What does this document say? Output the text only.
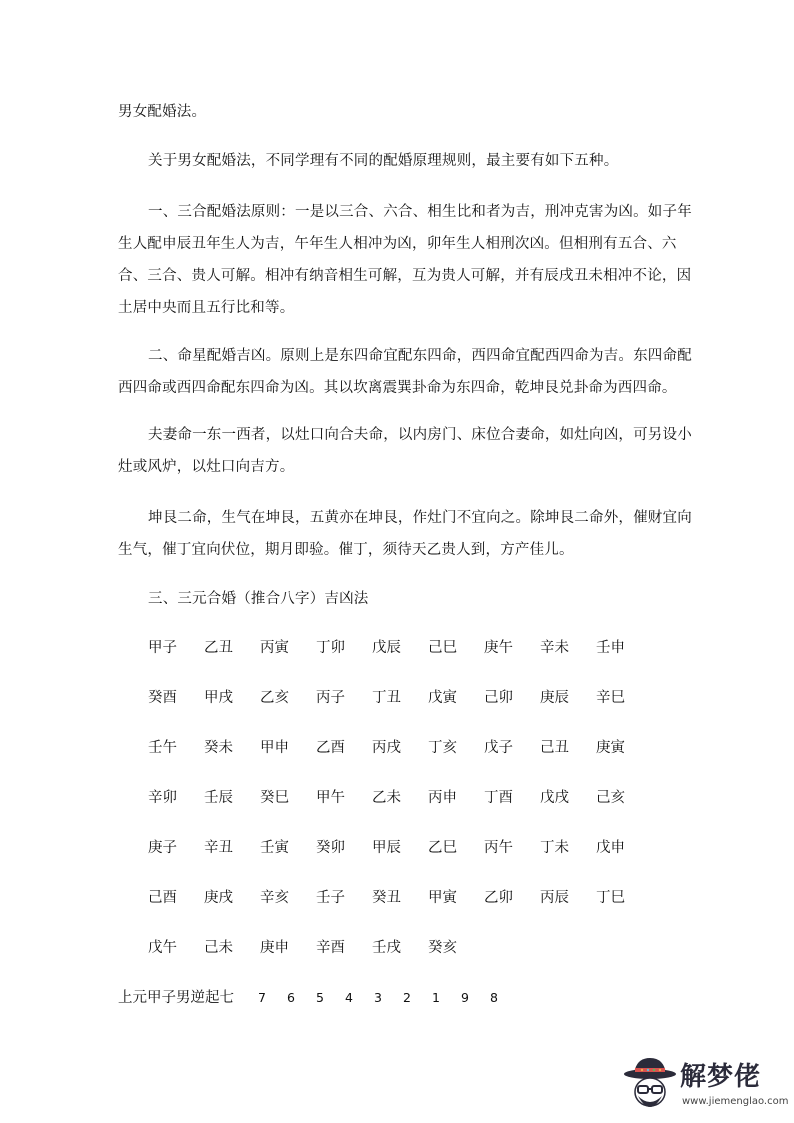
男女配婚法。
关于男女配婚法，不同学理有不同的配婚原理规则，最主要有如下五种。
一、三合配婚法原则：一是以三合、六合、相生比和者为吉，刑冲克害为凶。如子年
生人配申辰丑年生人为吉，午年生人相冲为凶，卯年生人相刑次凶。但相刑有五合、六
合、三合、贵人可解。相冲有纳音相生可解，互为贵人可解，并有辰戌丑未相冲不论，因
土居中央而且五行比和等。
二、命星配婚吉凶。原则上是东四命宜配东四命，西四命宜配西四命为吉。东四命配
西四命或西四命配东四命为凶。其以坎离震巽卦命为东四命，乾坤艮兑卦命为西四命。
夫妻命一东一西者，以灶口向合夫命，以内房门、床位合妻命，如灶向凶，可另设小
灶或风炉，以灶口向吉方。
坤艮二命，生气在坤艮，五黄亦在坤艮，作灶门不宜向之。除坤艮二命外，催财宜向
生气，催丁宜向伏位，期月即验。催丁，须待天乙贵人到，方产佳儿。
三、三元合婚（推合八字）吉凶法
甲子 乙丑 丙寅 丁卯 戊辰 己巳 庚午 辛未 壬申
癸酉 甲戌 乙亥 丙子 丁丑 戊寅 己卯 庚辰 辛巳
壬午 癸未 甲申 乙酉 丙戌 丁亥 戊子 己丑 庚寅
辛卯 壬辰 癸巳 甲午 乙未 丙申 丁酉 戊戌 己亥
庚子 辛丑 壬寅 癸卯 甲辰 乙巳 丙午 丁未 戊申
己酉 庚戌 辛亥 壬子 癸丑 甲寅 乙卯 丙辰 丁巳
戊午 己未 庚申 辛酉 壬戌 癸亥
上元甲子男逆起七 7 6 5 4 3 2 1 9 8
解梦佬
www.jiemenglao.com
